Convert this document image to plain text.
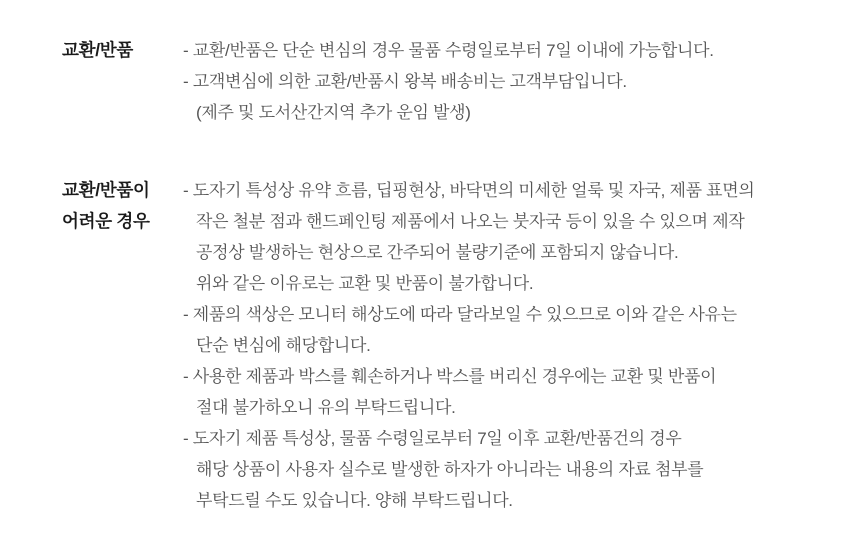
교환/반품	- 교환/반품은 단순 변심의 경우 물품 수령일로부터 7일 이내에 가능합니다.
- 고객변심에 의한 교환/반품시 왕복 배송비는 고객부담입니다.
(제주 및 도서산간지역 추가 운임 발생)
교환/반품이
어려운 경우
- 도자기 특성상 유약 흐름, 딥핑현상, 바닥면의 미세한 얼룩 및 자국, 제품 표면의
작은 철분 점과 핸드페인팅 제품에서 나오는 붓자국 등이 있을 수 있으며 제작
공정상 발생하는 현상으로 간주되어 불량기준에 포함되지 않습니다.
위와 같은 이유로는 교환 및 반품이 불가합니다.
- 제품의 색상은 모니터 해상도에 따라 달라보일 수 있으므로 이와 같은 사유는
단순 변심에 해당합니다.
- 사용한 제품과 박스를 훼손하거나 박스를 버리신 경우에는 교환 및 반품이
절대 불가하오니 유의 부탁드립니다.
- 도자기 제품 특성상, 물품 수령일로부터 7일 이후 교환/반품건의 경우
해당 상품이 사용자 실수로 발생한 하자가 아니라는 내용의 자료 첨부를
부탁드릴 수도 있습니다. 양해 부탁드립니다.
